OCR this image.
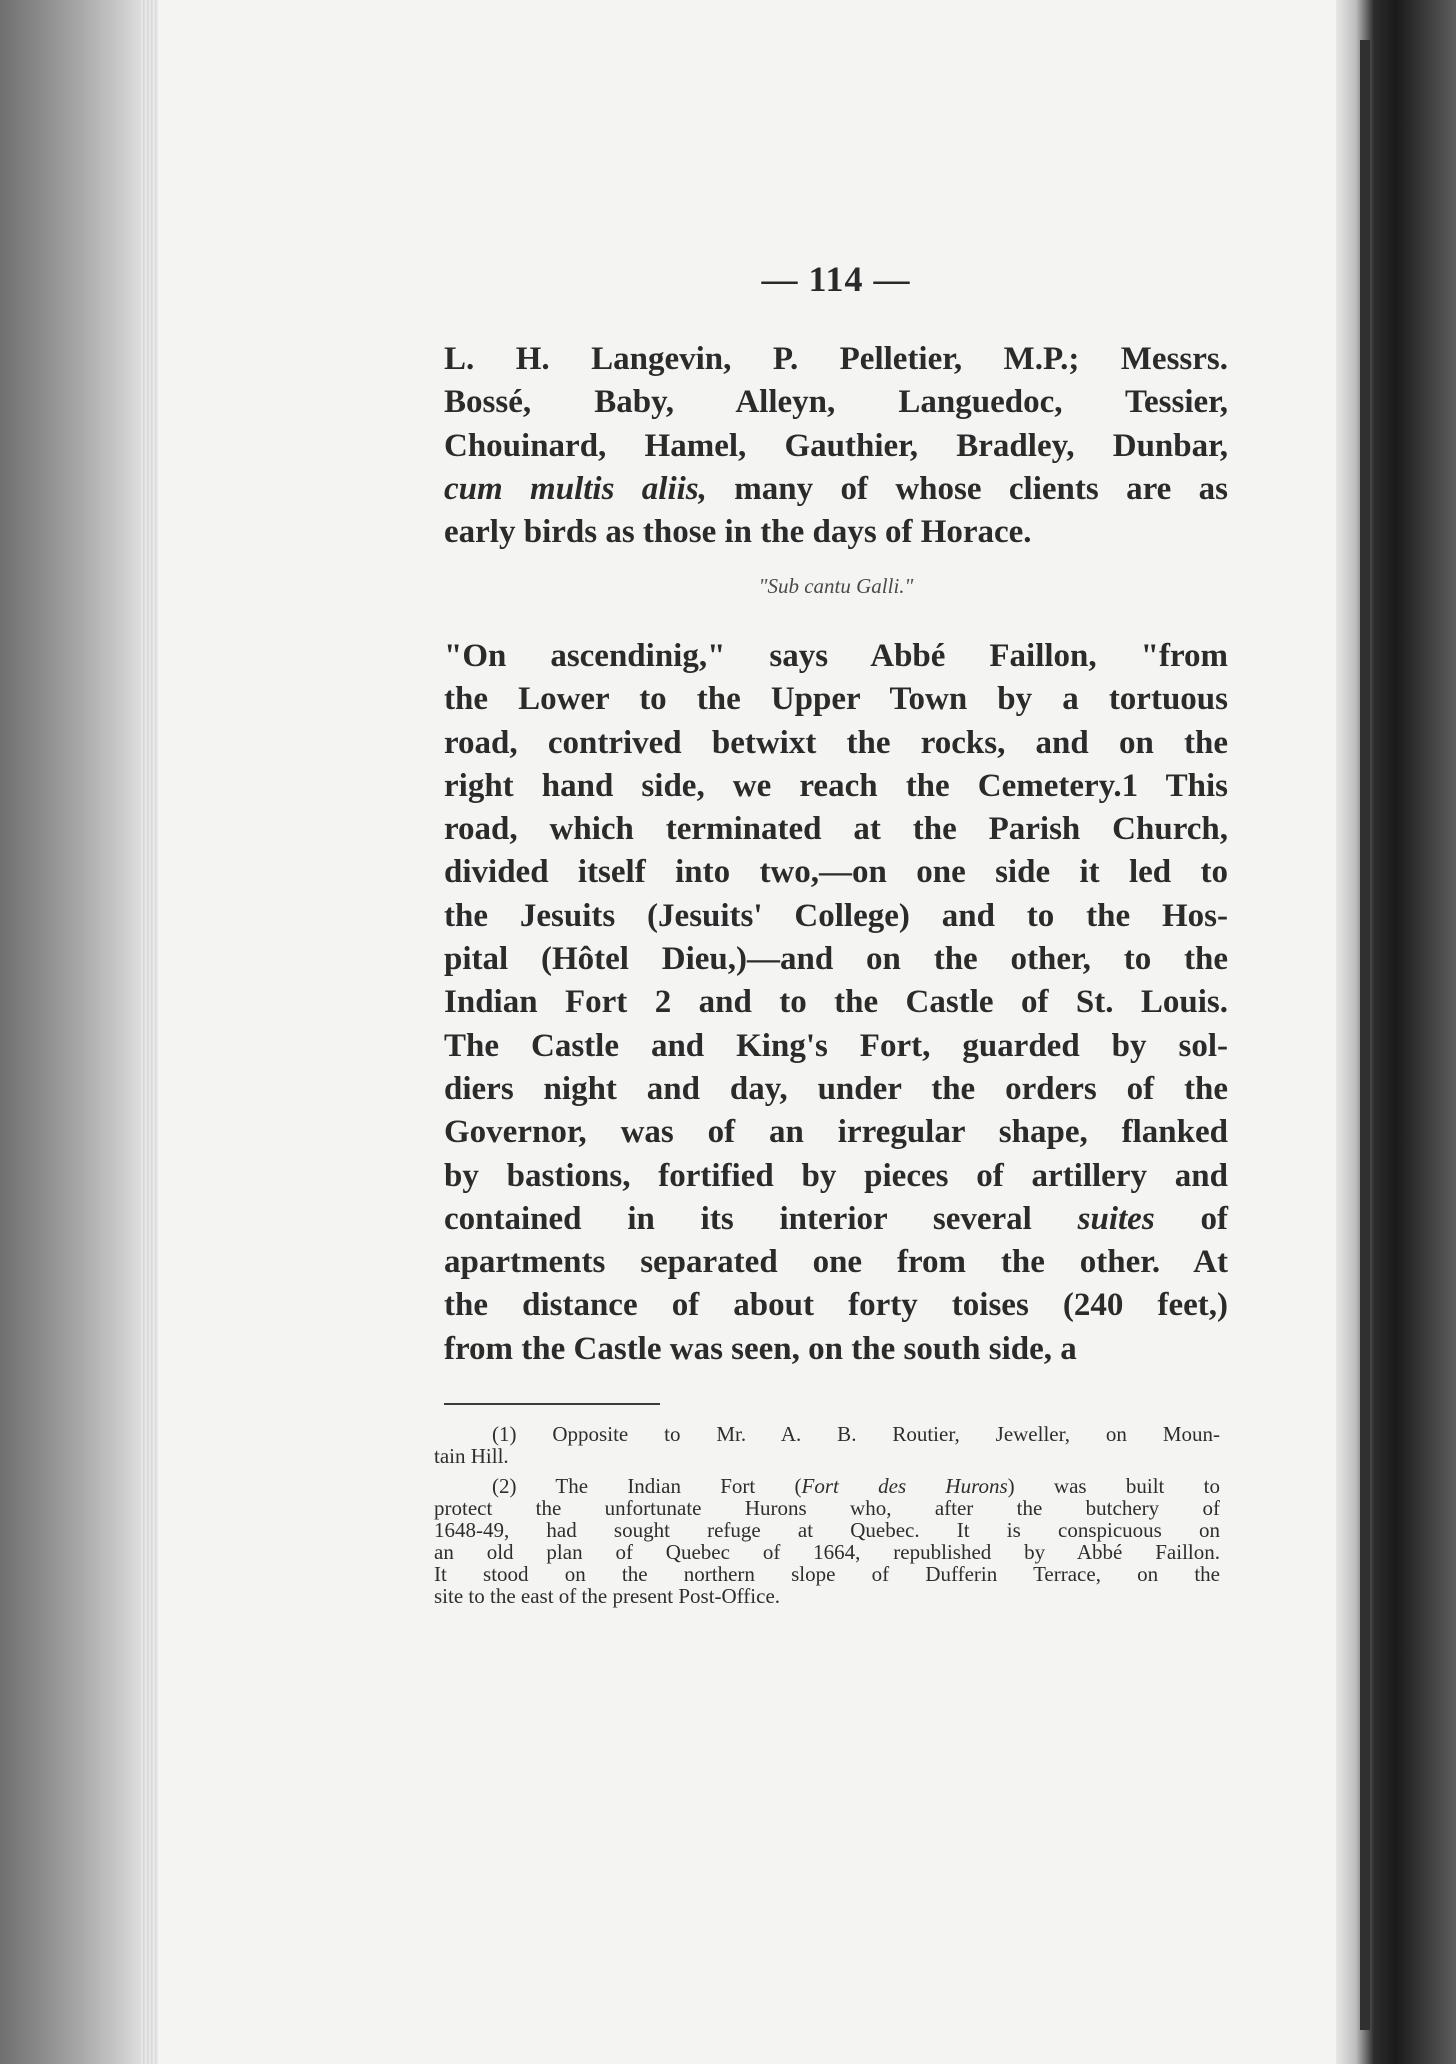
— 114 —
L. H. Langevin, P. Pelletier, M.P.; Messrs.
Bossé, Baby, Alleyn, Languedoc, Tessier,
Chouinard, Hamel, Gauthier, Bradley, Dunbar,
cum multis aliis, many of whose clients are as
early birds as those in the days of Horace.
"Sub cantu Galli."
"On ascendinig," says Abbé Faillon, "from
the Lower to the Upper Town by a tortuous
road, contrived betwixt the rocks, and on the
right hand side, we reach the Cemetery.1 This
road, which terminated at the Parish Church,
divided itself into two,—on one side it led to
the Jesuits (Jesuits' College) and to the Hos-
pital (Hôtel Dieu,)—and on the other, to the
Indian Fort 2 and to the Castle of St. Louis.
The Castle and King's Fort, guarded by sol-
diers night and day, under the orders of the
Governor, was of an irregular shape, flanked
by bastions, fortified by pieces of artillery and
contained in its interior several suites of
apartments separated one from the other. At
the distance of about forty toises (240 feet,)
from the Castle was seen, on the south side, a
(1) Opposite to Mr. A. B. Routier, Jeweller, on Moun-
tain Hill.
(2) The Indian Fort (Fort des Hurons) was built to
protect the unfortunate Hurons who, after the butchery of
1648-49, had sought refuge at Quebec. It is conspicuous on
an old plan of Quebec of 1664, republished by Abbé Faillon.
It stood on the northern slope of Dufferin Terrace, on the
site to the east of the present Post-Office.
